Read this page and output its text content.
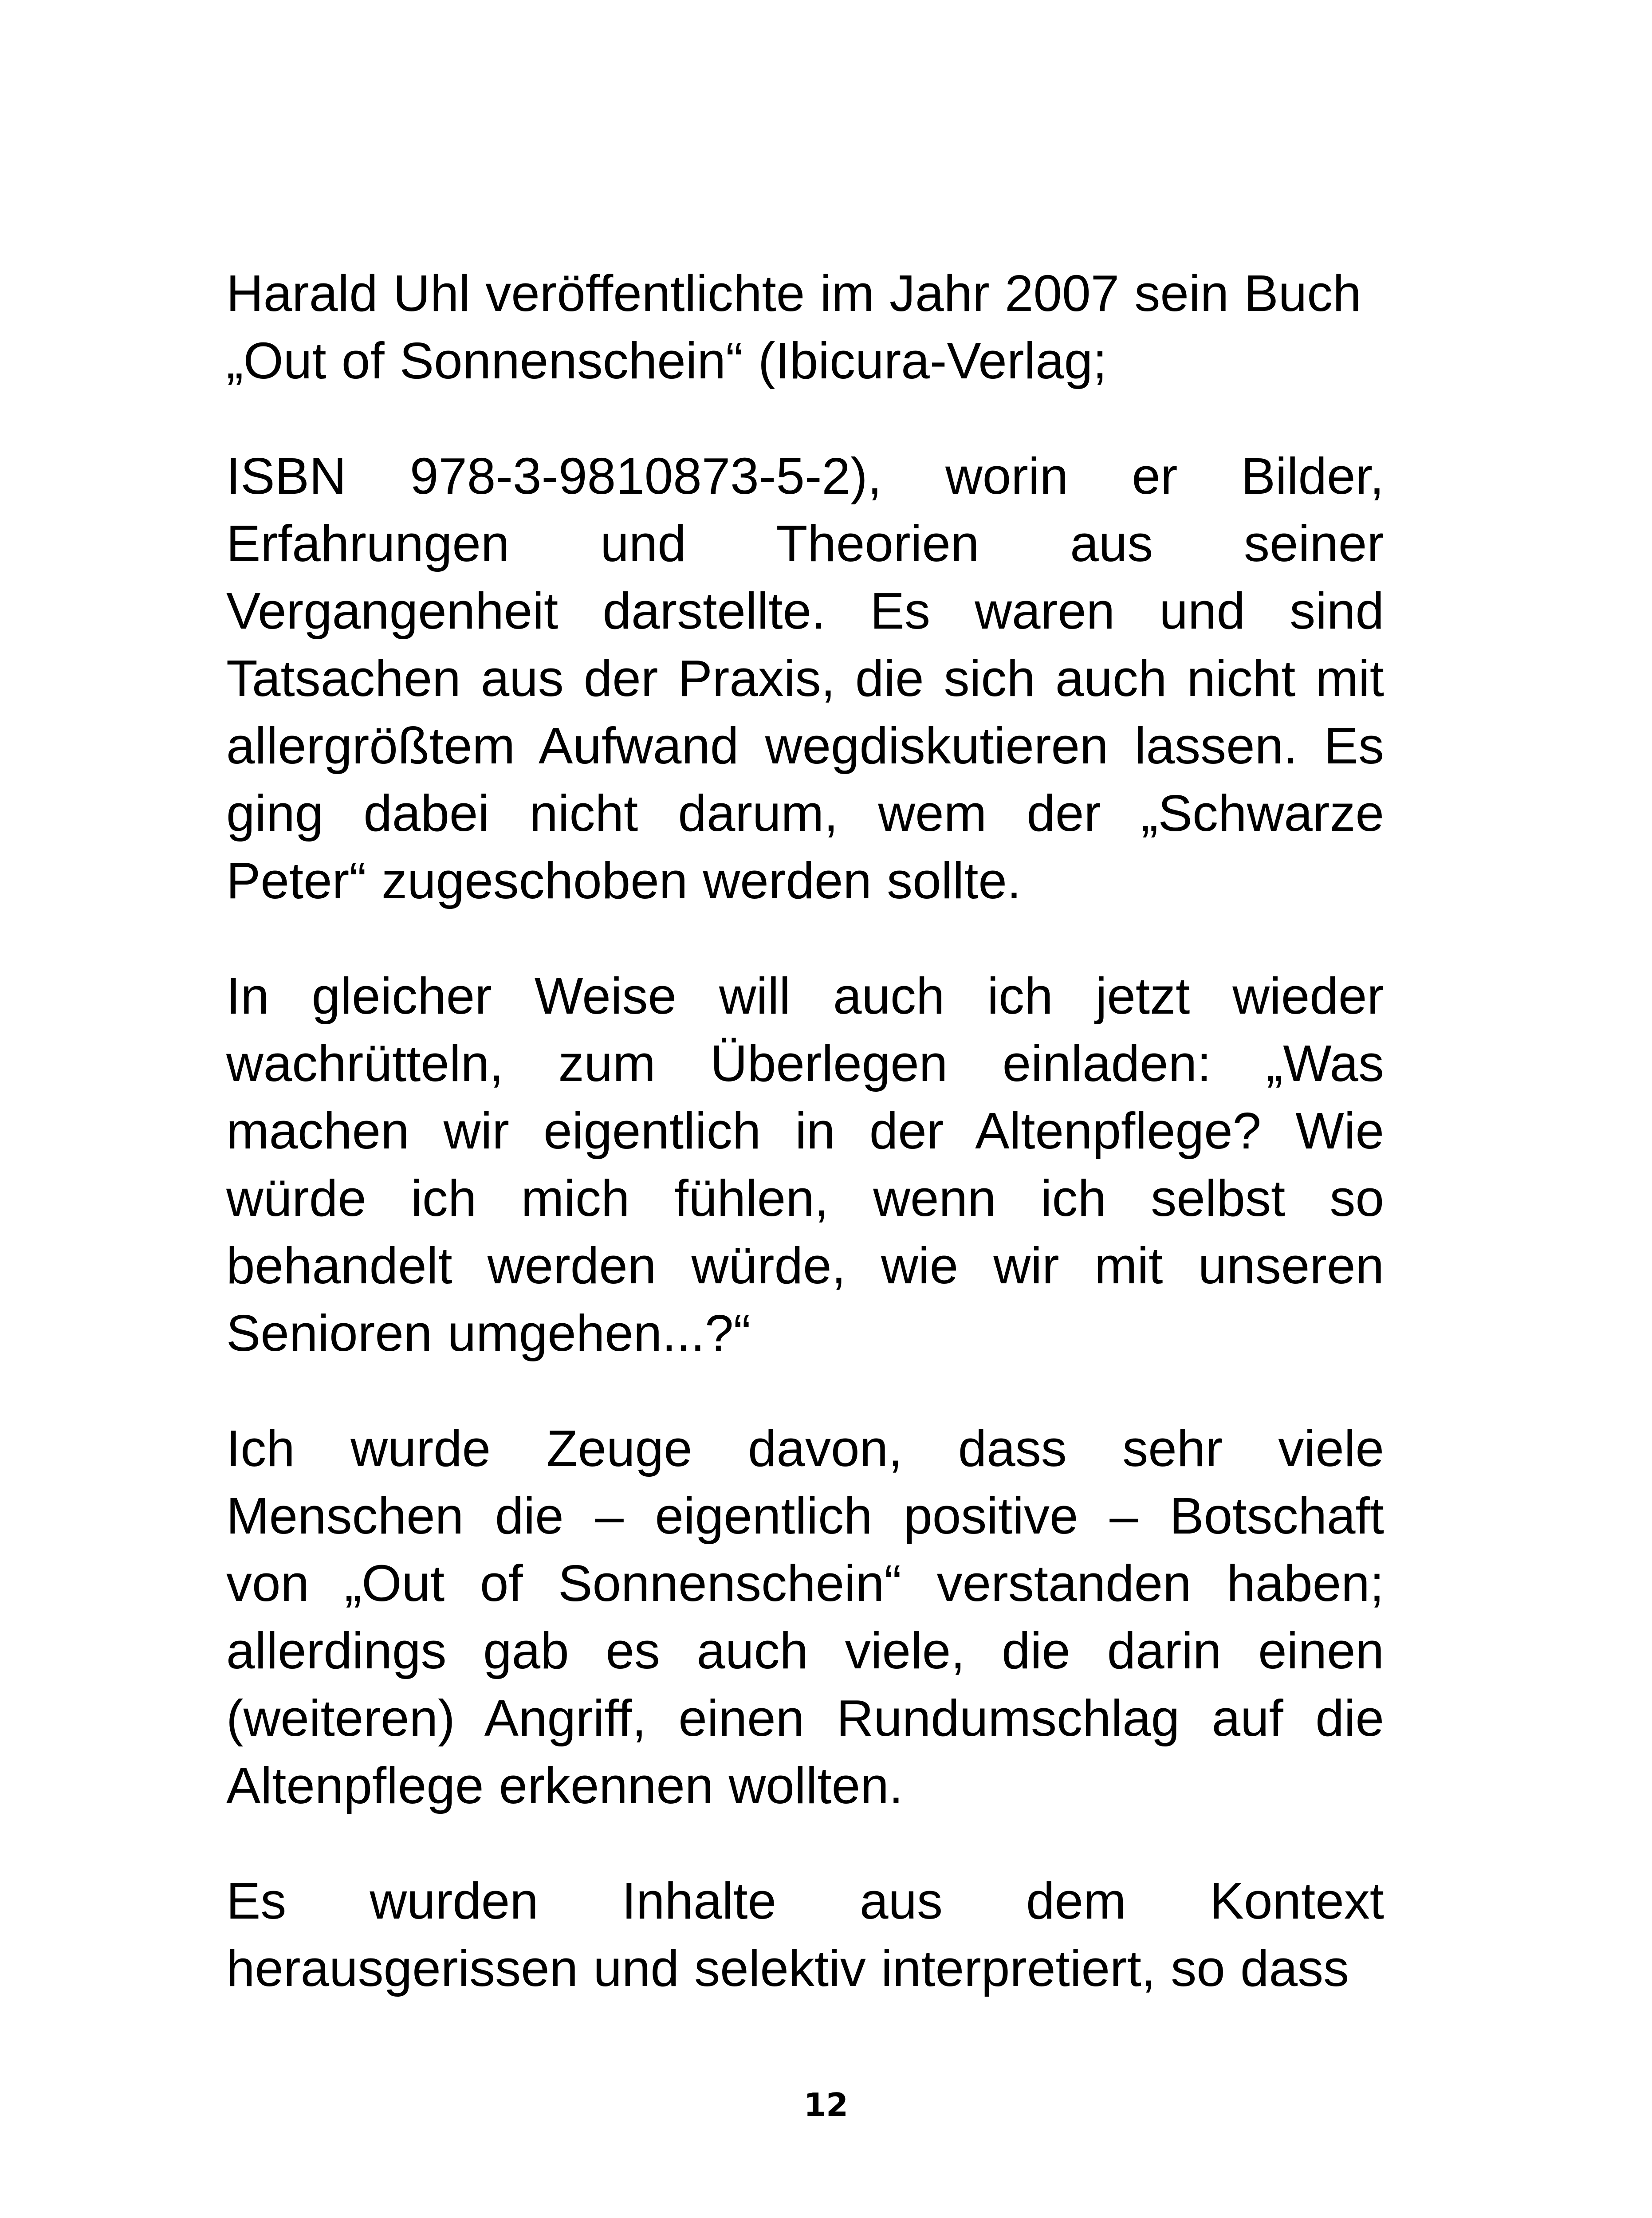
Harald Uhl veröffentlichte im Jahr 2007 sein Buch
„Out of Sonnenschein“ (Ibicura-Verlag;

ISBN 978-3-9810873-5-2), worin er Bilder, Erfahrungen und Theorien aus seiner Vergangenheit darstellte. Es waren und sind Tatsachen aus der Praxis, die sich auch nicht mit allergrößtem Aufwand wegdiskutieren lassen. Es ging dabei nicht darum, wem der „Schwarze Peter“ zugeschoben werden sollte.

In gleicher Weise will auch ich jetzt wieder wachrütteln, zum Überlegen einladen: „Was machen wir eigentlich in der Altenpflege? Wie würde ich mich fühlen, wenn ich selbst so behandelt werden würde, wie wir mit unseren Senioren umgehen...?“

Ich wurde Zeuge davon, dass sehr viele Menschen die – eigentlich positive – Botschaft von „Out of Sonnenschein“ verstanden haben; allerdings gab es auch viele, die darin einen (weiteren) Angriff, einen Rundumschlag auf die Altenpflege erkennen wollten.

Es wurden Inhalte aus dem Kontext herausgerissen und selektiv interpretiert, so dass

12
